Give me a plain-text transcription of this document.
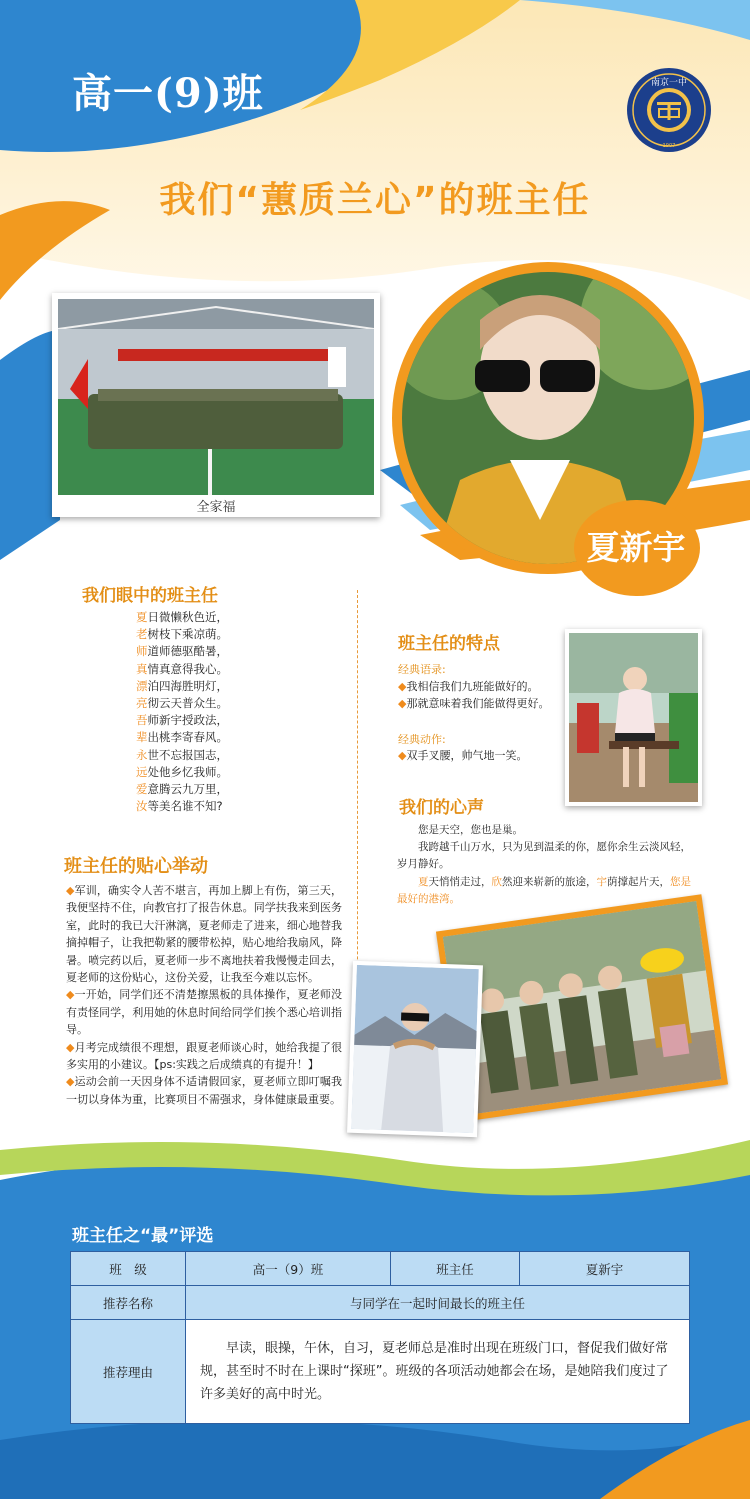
高一(9)班	南京一中
1907
我们“蕙质兰心”的班主任
全家福
夏新宇
我们眼中的班主任
夏日微懒秋色近，
老树枝下乘凉萌。
师道师德驱酷暑，
真情真意得我心。
漂泊四海胜明灯，
亮彻云天普众生。
吾师新宇授政法，
辈出桃李寄春风。
永世不忘报国志，
远处他乡忆我师。
爱意腾云九万里，
汝等美名谁不知?
班主任的贴心举动

◆军训，确实令人苦不堪言，再加上脚上有伤，第三天，我便坚持不住，向教官打了报告休息。同学扶我来到医务室，此时的我已大汗淋漓，夏老师走了进来，细心地替我摘掉帽子，让我把勒紧的腰带松掉，贴心地给我扇风，降暑。喷完药以后，夏老师一步不离地扶着我慢慢走回去，夏老师的这份贴心，这份关爱，让我至今难以忘怀。

◆一开始，同学们还不清楚擦黑板的具体操作，夏老师没有责怪同学，利用她的休息时间给同学们挨个悉心培训指导。

◆月考完成绩很不理想，跟夏老师谈心时，她给我提了很多实用的小建议。【ps:实践之后成绩真的有提升！】

◆运动会前一天因身体不适请假回家，夏老师立即叮嘱我一切以身体为重，比赛项目不需强求，身体健康最重要。

班主任的特点
经典语录:
◆我相信我们九班能做好的。
◆那就意味着我们能做得更好。
经典动作:
◆双手叉腰，帅气地一笑。
我们的心声

您是天空，您也是巢。

我跨越千山万水，只为见到温柔的你，愿你余生云淡风轻，岁月静好。

夏天悄悄走过，欣然迎来崭新的旅途，宇荫撑起片天，您是最好的港湾。

班主任之“最”评选
班　级	高一（9）班	班主任	夏新宇
推荐名称	与同学在一起时间最长的班主任		
推荐理由	早读，眼操，午休，自习，夏老师总是准时出现在班级门口，督促我们做好常规，甚至时不时在上课时“探班”。班级的各项活动她都会在场，是她陪我们度过了许多美好的高中时光。		
